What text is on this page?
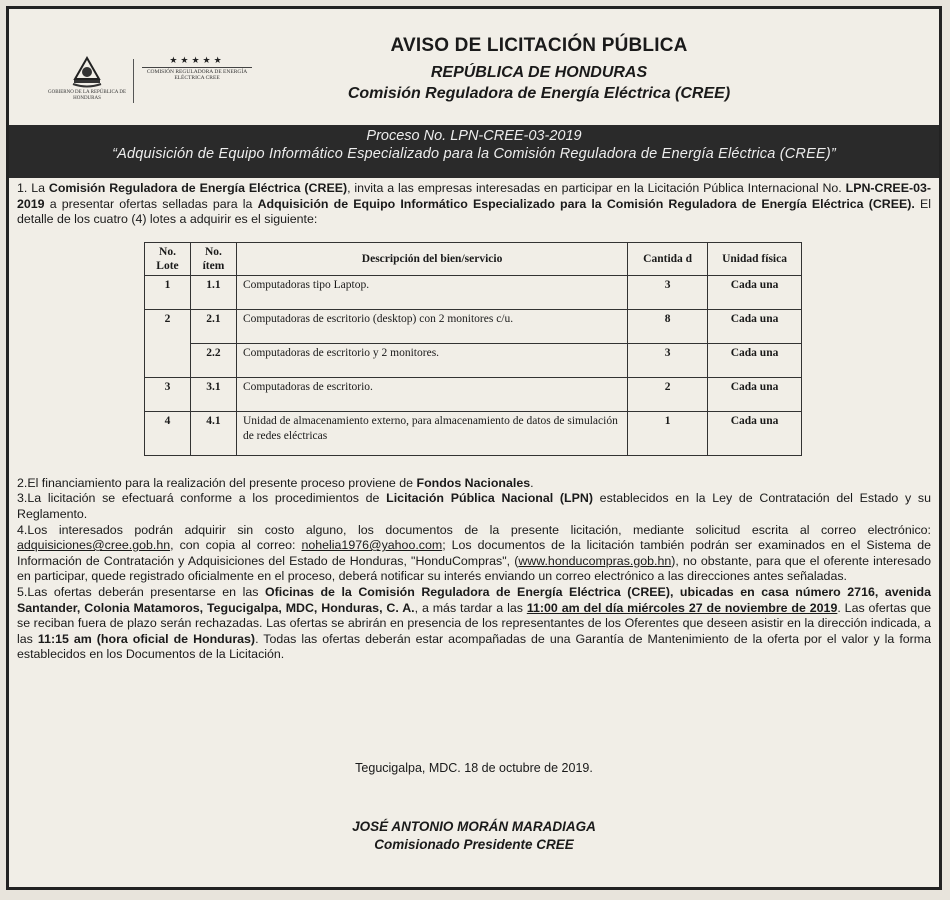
GOBIERNO DE LA REPÚBLICA DE HONDURAS
★★★★★
COMISIÓN REGULADORA DE ENERGÍA ELÉCTRICA CREE
AVISO DE LICITACIÓN PÚBLICA
REPÚBLICA DE HONDURAS
Comisión Reguladora de Energía Eléctrica (CREE)
Proceso No. LPN-CREE-03-2019
“Adquisición de Equipo Informático Especializado para la Comisión Reguladora de Energía Eléctrica (CREE)”

1. La Comisión Reguladora de Energía Eléctrica (CREE), invita a las empresas interesadas en participar en la Licitación Pública Internacional No. LPN-CREE-03-2019 a presentar ofertas selladas para la Adquisición de Equipo Informático Especializado para la Comisión Reguladora de Energía Eléctrica (CREE). El detalle de los cuatro (4) lotes a adquirir es el siguiente:

No. Lote	No. ítem	Descripción del bien/servicio	Cantida d	Unidad física
1	1.1	Computadoras tipo Laptop.	3	Cada una
2	2.1	Computadoras de escritorio (desktop) con 2 monitores c/u.	8	Cada una
	2.2	Computadoras de escritorio y 2 monitores.	3	Cada una
3	3.1	Computadoras de escritorio.	2	Cada una
4	4.1	Unidad de almacenamiento externo, para almacenamiento de datos de simulación de redes eléctricas	1	Cada una

2.El financiamiento para la realización del presente proceso proviene de Fondos Nacionales.

3.La licitación se efectuará conforme a los procedimientos de Licitación Pública Nacional (LPN) establecidos en la Ley de Contratación del Estado y su Reglamento.

4.Los interesados podrán adquirir sin costo alguno, los documentos de la presente licitación, mediante solicitud escrita al correo electrónico: adquisiciones@cree.gob.hn, con copia al correo: nohelia1976@yahoo.com; Los documentos de la licitación también podrán ser examinados en el Sistema de Información de Contratación y Adquisiciones del Estado de Honduras, "HonduCompras", (www.honducompras.gob.hn), no obstante, para que el oferente interesado en participar, quede registrado oficialmente en el proceso, deberá notificar su interés enviando un correo electrónico a las direcciones antes señaladas.

5.Las ofertas deberán presentarse en las Oficinas de la Comisión Reguladora de Energía Eléctrica (CREE), ubicadas en casa número 2716, avenida Santander, Colonia Matamoros, Tegucigalpa, MDC, Honduras, C. A., a más tardar a las 11:00 am del día miércoles 27 de noviembre de 2019. Las ofertas que se reciban fuera de plazo serán rechazadas. Las ofertas se abrirán en presencia de los representantes de los Oferentes que deseen asistir en la dirección indicada, a las 11:15 am (hora oficial de Honduras). Todas las ofertas deberán estar acompañadas de una Garantía de Mantenimiento de la oferta por el valor y la forma establecidos en los Documentos de la Licitación.

Tegucigalpa, MDC. 18 de octubre de 2019.
JOSÉ ANTONIO MORÁN MARADIAGA
Comisionado Presidente CREE
